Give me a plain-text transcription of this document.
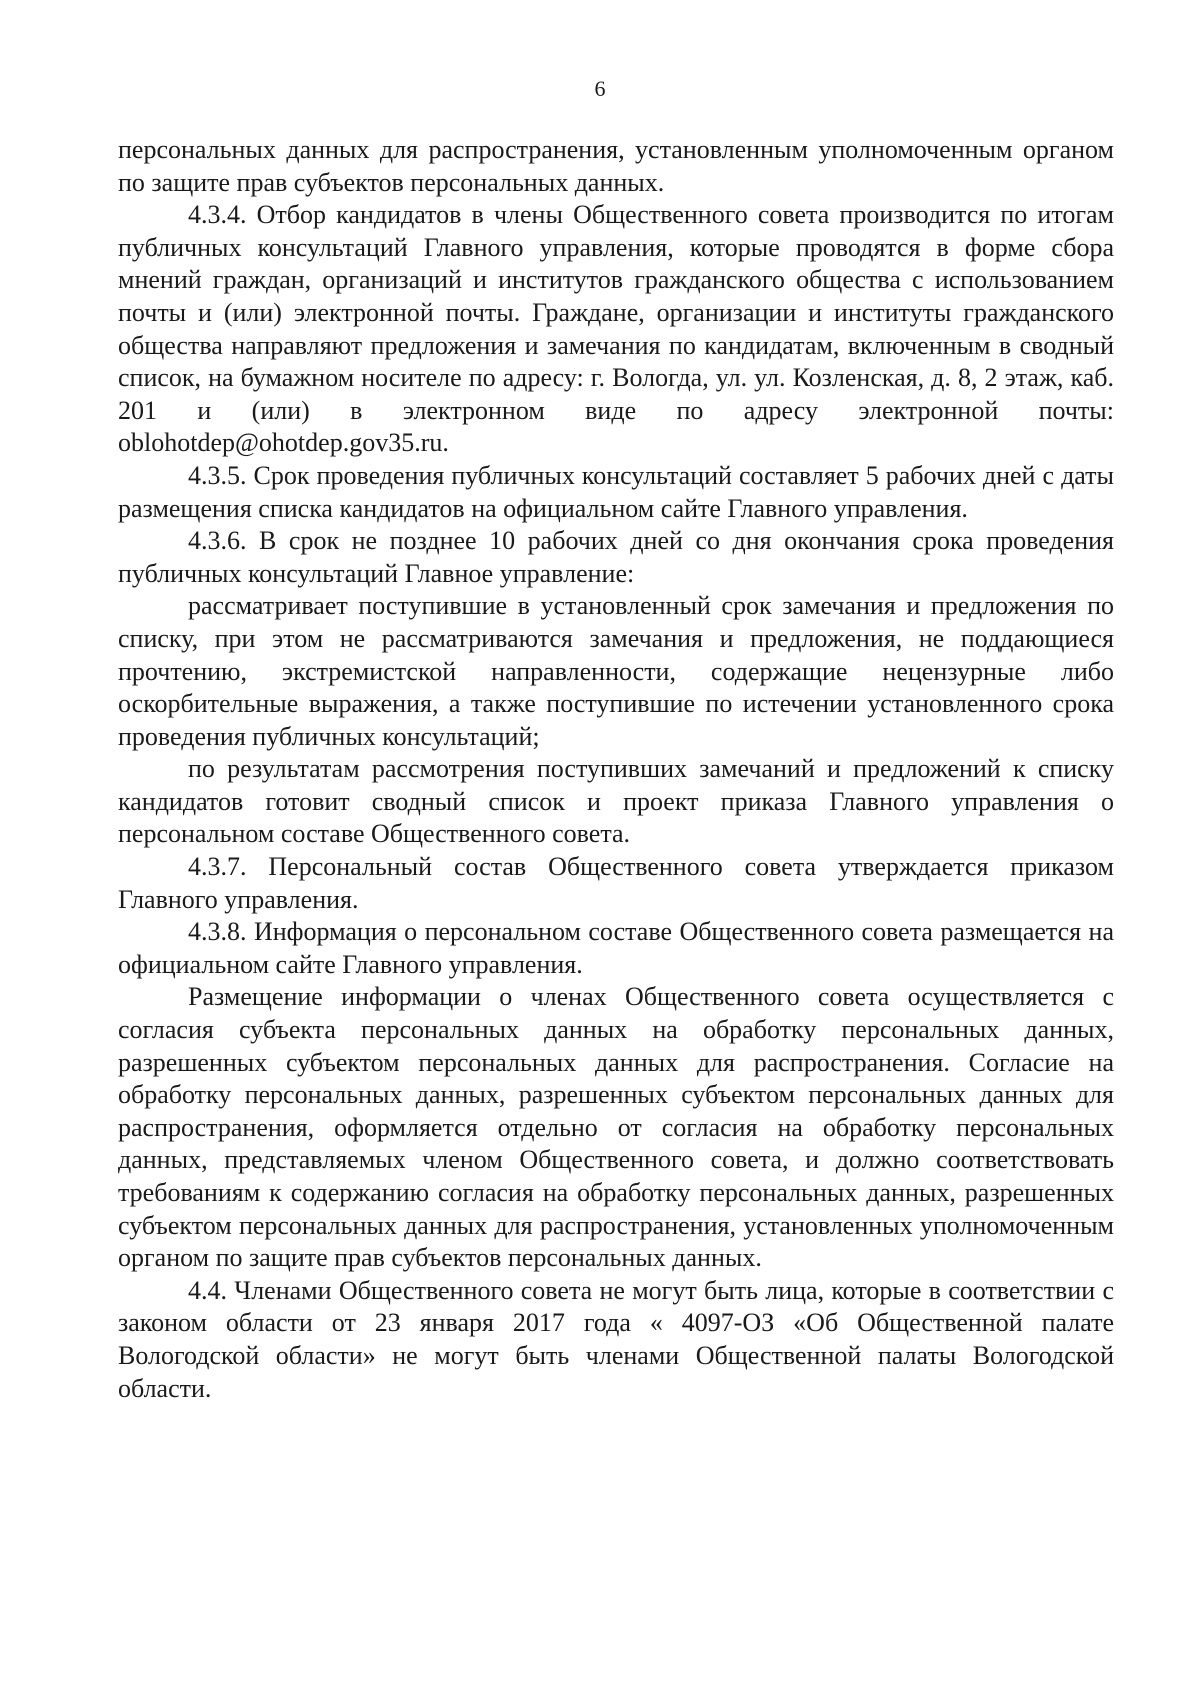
6

персональных данных для распространения, установленным уполномоченным органом по защите прав субъектов персональных данных.

4.3.4. Отбор кандидатов в члены Общественного совета производится по итогам публичных консультаций Главного управления, которые проводятся в форме сбора мнений граждан, организаций и институтов гражданского общества с использованием почты и (или) электронной почты. Граждане, организации и институты гражданского общества направляют предложения и замечания по кандидатам, включенным в сводный список, на бумажном носителе по адресу: г. Вологда, ул. ул. Козленская, д. 8, 2 этаж, каб. 201 и (или) в электронном виде по адресу электронной почты: oblohotdep@ohotdep.gov35.ru.

4.3.5. Срок проведения публичных консультаций составляет 5 рабочих дней с даты размещения списка кандидатов на официальном сайте Главного управления.

4.3.6. В срок не позднее 10 рабочих дней со дня окончания срока проведения публичных консультаций Главное управление:

рассматривает поступившие в установленный срок замечания и предложения по списку, при этом не рассматриваются замечания и предложения, не поддающиеся прочтению, экстремистской направленности, содержащие нецензурные либо оскорбительные выражения, а также поступившие по истечении установленного срока проведения публичных консультаций;

по результатам рассмотрения поступивших замечаний и предложений к списку кандидатов готовит сводный список и проект приказа Главного управления о персональном составе Общественного совета.

4.3.7. Персональный состав Общественного совета утверждается приказом Главного управления.

4.3.8. Информация о персональном составе Общественного совета размещается на официальном сайте Главного управления.

Размещение информации о членах Общественного совета осуществляется с согласия субъекта персональных данных на обработку персональных данных, разрешенных субъектом персональных данных для распространения. Согласие на обработку персональных данных, разрешенных субъектом персональных данных для распространения, оформляется отдельно от согласия на обработку персональных данных, представляемых членом Общественного совета, и должно соответствовать требованиям к содержанию согласия на обработку персональных данных, разрешенных субъектом персональных данных для распространения, установленных уполномоченным органом по защите прав субъектов персональных данных.

4.4. Членами Общественного совета не могут быть лица, которые в соответствии с законом области от 23 января 2017 года « 4097-ОЗ «Об Общественной палате Вологодской области» не могут быть членами Общественной палаты Вологодской области.
